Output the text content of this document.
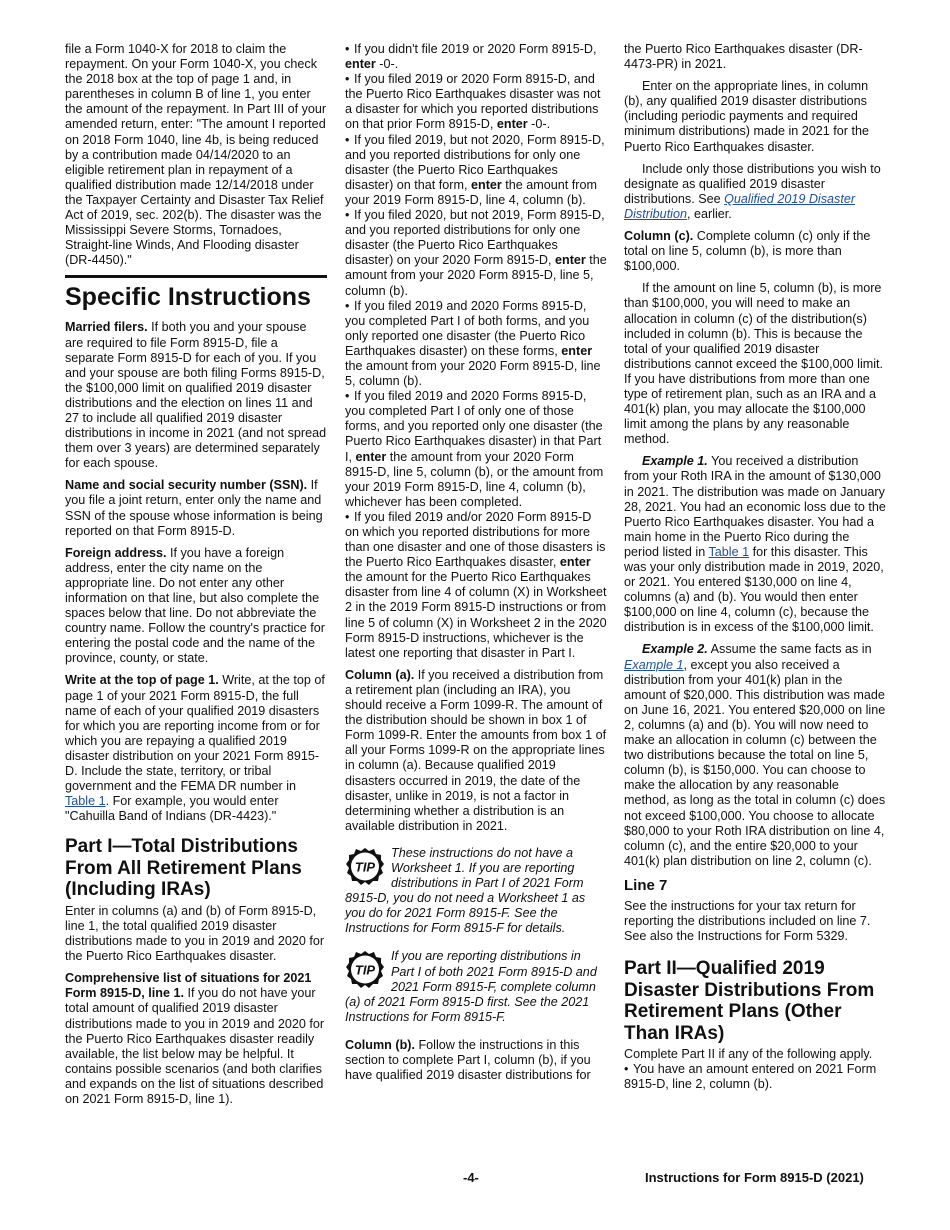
file a Form 1040-X for 2018 to claim the repayment. On your Form 1040-X, you check the 2018 box at the top of page 1 and, in parentheses in column B of line 1, you enter the amount of the repayment. In Part III of your amended return, enter: "The amount I reported on 2018 Form 1040, line 4b, is being reduced by a contribution made 04/14/2020 to an eligible retirement plan in repayment of a qualified distribution made 12/14/2018 under the Taxpayer Certainty and Disaster Tax Relief Act of 2019, sec. 202(b). The disaster was the Mississippi Severe Storms, Tornadoes, Straight-line Winds, And Flooding disaster (DR-4450)."

Specific Instructions

Married filers. If both you and your spouse are required to file Form 8915-D, file a separate Form 8915-D for each of you. If you and your spouse are both filing Forms 8915-D, the $100,000 limit on qualified 2019 disaster distributions and the election on lines 11 and 27 to include all qualified 2019 disaster distributions in income in 2021 (and not spread them over 3 years) are determined separately for each spouse.

Name and social security number (SSN). If you file a joint return, enter only the name and SSN of the spouse whose information is being reported on that Form 8915-D.

Foreign address. If you have a foreign address, enter the city name on the appropriate line. Do not enter any other information on that line, but also complete the spaces below that line. Do not abbreviate the country name. Follow the country's practice for entering the postal code and the name of the province, county, or state.

Write at the top of page 1. Write, at the top of page 1 of your 2021 Form 8915-D, the full name of each of your qualified 2019 disasters for which you are reporting income from or for which you are repaying a qualified 2019 disaster distribution on your 2021 Form 8915-D. Include the state, territory, or tribal government and the FEMA DR number in Table 1. For example, you would enter "Cahuilla Band of Indians (DR-4423)."

Part I—Total Distributions From All Retirement Plans (Including IRAs)

Enter in columns (a) and (b) of Form 8915-D, line 1, the total qualified 2019 disaster distributions made to you in 2019 and 2020 for the Puerto Rico Earthquakes disaster.

Comprehensive list of situations for 2021 Form 8915-D, line 1. If you do not have your total amount of qualified 2019 disaster distributions made to you in 2019 and 2020 for the Puerto Rico Earthquakes disaster readily available, the list below may be helpful. It contains possible scenarios (and both clarifies and expands on the list of situations described on 2021 Form 8915-D, line 1).

• If you didn't file 2019 or 2020 Form 8915-D, enter -0-.

• If you filed 2019 or 2020 Form 8915-D, and the Puerto Rico Earthquakes disaster was not a disaster for which you reported distributions on that prior Form 8915-D, enter -0-.

• If you filed 2019, but not 2020, Form 8915-D, and you reported distributions for only one disaster (the Puerto Rico Earthquakes disaster) on that form, enter the amount from your 2019 Form 8915-D, line 4, column (b).

• If you filed 2020, but not 2019, Form 8915-D, and you reported distributions for only one disaster (the Puerto Rico Earthquakes disaster) on your 2020 Form 8915-D, enter the amount from your 2020 Form 8915-D, line 5, column (b).

• If you filed 2019 and 2020 Forms 8915-D, you completed Part I of both forms, and you only reported one disaster (the Puerto Rico Earthquakes disaster) on these forms, enter the amount from your 2020 Form 8915-D, line 5, column (b).

• If you filed 2019 and 2020 Forms 8915-D, you completed Part I of only one of those forms, and you reported only one disaster (the Puerto Rico Earthquakes disaster) in that Part I, enter the amount from your 2020 Form 8915-D, line 5, column (b), or the amount from your 2019 Form 8915-D, line 4, column (b), whichever has been completed.

• If you filed 2019 and/or 2020 Form 8915-D on which you reported distributions for more than one disaster and one of those disasters is the Puerto Rico Earthquakes disaster, enter the amount for the Puerto Rico Earthquakes disaster from line 4 of column (X) in Worksheet 2 in the 2019 Form 8915-D instructions or from line 5 of column (X) in Worksheet 2 in the 2020 Form 8915-D instructions, whichever is the latest one reporting that disaster in Part I.

Column (a). If you received a distribution from a retirement plan (including an IRA), you should receive a Form 1099-R. The amount of the distribution should be shown in box 1 of Form 1099-R. Enter the amounts from box 1 of all your Forms 1099-R on the appropriate lines in column (a). Because qualified 2019 disasters occurred in 2019, the date of the disaster, unlike in 2019, is not a factor in determining whether a distribution is an available distribution in 2021.

TIP
These instructions do not have a Worksheet 1. If you are reporting distributions in Part I of 2021 Form 8915-D, you do not need a Worksheet 1 as you do for 2021 Form 8915-F. See the Instructions for Form 8915-F for details.
TIP
If you are reporting distributions in Part I of both 2021 Form 8915-D and 2021 Form 8915-F, complete column (a) of 2021 Form 8915-D first. See the 2021 Instructions for Form 8915-F.

Column (b). Follow the instructions in this section to complete Part I, column (b), if you have qualified 2019 disaster distributions for

the Puerto Rico Earthquakes disaster (DR-4473-PR) in 2021.

Enter on the appropriate lines, in column (b), any qualified 2019 disaster distributions (including periodic payments and required minimum distributions) made in 2021 for the Puerto Rico Earthquakes disaster.

Include only those distributions you wish to designate as qualified 2019 disaster distributions. See Qualified 2019 Disaster Distribution, earlier.

Column (c). Complete column (c) only if the total on line 5, column (b), is more than $100,000.

If the amount on line 5, column (b), is more than $100,000, you will need to make an allocation in column (c) of the distribution(s) included in column (b). This is because the total of your qualified 2019 disaster distributions cannot exceed the $100,000 limit. If you have distributions from more than one type of retirement plan, such as an IRA and a 401(k) plan, you may allocate the $100,000 limit among the plans by any reasonable method.

Example 1. You received a distribution from your Roth IRA in the amount of $130,000 in 2021. The distribution was made on January 28, 2021. You had an economic loss due to the Puerto Rico Earthquakes disaster. You had a main home in the Puerto Rico during the period listed in Table 1 for this disaster. This was your only distribution made in 2019, 2020, or 2021. You entered $130,000 on line 4, columns (a) and (b). You would then enter $100,000 on line 4, column (c), because the distribution is in excess of the $100,000 limit.

Example 2. Assume the same facts as in Example 1, except you also received a distribution from your 401(k) plan in the amount of $20,000. This distribution was made on June 16, 2021. You entered $20,000 on line 2, columns (a) and (b). You will now need to make an allocation in column (c) between the two distributions because the total on line 5, column (b), is $150,000. You can choose to make the allocation by any reasonable method, as long as the total in column (c) does not exceed $100,000. You choose to allocate $80,000 to your Roth IRA distribution on line 4, column (c), and the entire $20,000 to your 401(k) plan distribution on line 2, column (c).

Line 7

See the instructions for your tax return for reporting the distributions included on line 7. See also the Instructions for Form 5329.

Part II—Qualified 2019 Disaster Distributions From Retirement Plans (Other Than IRAs)

Complete Part II if any of the following apply.

• You have an amount entered on 2021 Form 8915-D, line 2, column (b).

-4-	Instructions for Form 8915-D (2021)
